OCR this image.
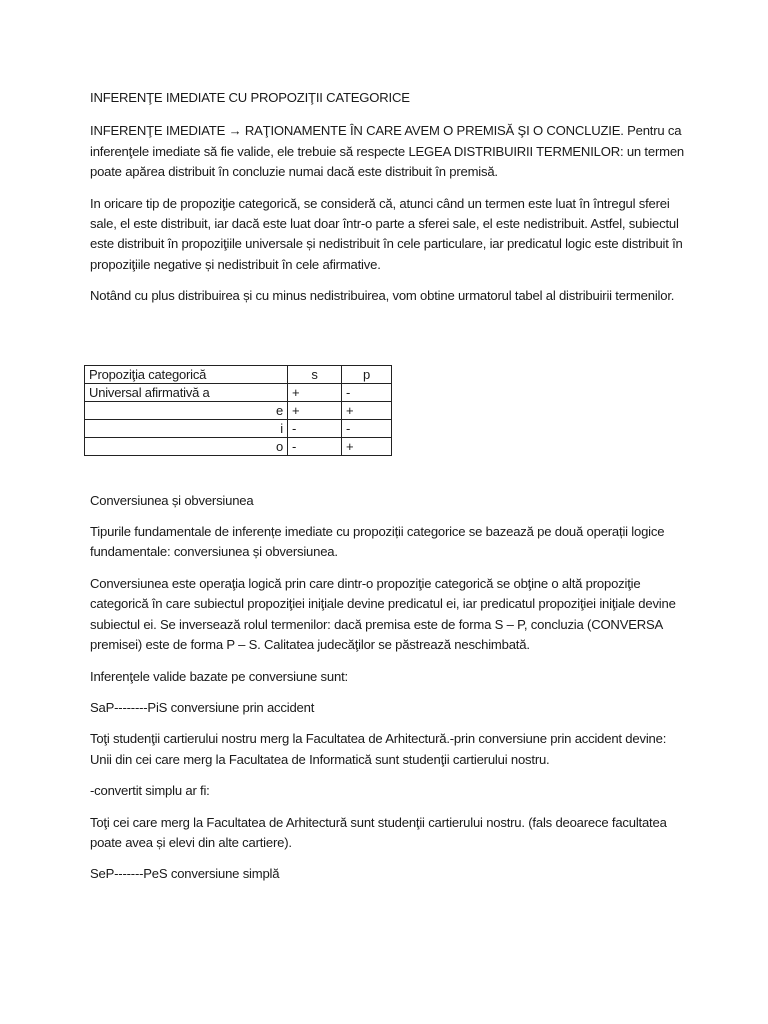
INFERENŢE IMEDIATE CU PROPOZIŢII CATEGORICE

INFERENŢE IMEDIATE → RAŢIONAMENTE ÎN CARE AVEM O PREMISĂ ŞI O CONCLUZIE. Pentru ca inferenţele imediate să fie valide, ele trebuie să respecte LEGEA DISTRIBUIRII TERMENILOR: un termen poate apărea distribuit în concluzie numai dacă este distribuit în premisă.

In oricare tip de propoziţie categorică, se consideră că, atunci când un termen este luat în întregul sferei sale, el este distribuit, iar dacă este luat doar într-o parte a sferei sale, el este nedistribuit. Astfel, subiectul este distribuit în propoziţiile universale și nedistribuit în cele particulare, iar predicatul logic este distribuit în propoziţiile negative și nedistribuit în cele afirmative.

Notând cu plus distribuirea și cu minus nedistribuirea, vom obtine urmatorul tabel al distribuirii termenilor.

Propoziţia categorică	s	p
Universal afirmativă a	+	-
e	+	+
i	-	-
o	-	+

Conversiunea și obversiunea

Tipurile fundamentale de inferențe imediate cu propoziții categorice se bazează pe două operații logice fundamentale: conversiunea și obversiunea.

Conversiunea este operaţia logică prin care dintr-o propoziţie categorică se obţine o altă propoziţie categorică în care subiectul propoziţiei iniţiale devine predicatul ei, iar predicatul propoziţiei iniţiale devine subiectul ei. Se inversează rolul termenilor: dacă premisa este de forma S – P, concluzia (CONVERSA premisei) este de forma P – S. Calitatea judecăţilor se păstrează neschimbată.

Inferenţele valide bazate pe conversiune sunt:

SaP--------PiS conversiune prin accident

Toţi studenţii cartierului nostru merg la Facultatea de Arhitectură.-prin conversiune prin accident devine: Unii din cei care merg la Facultatea de Informatică sunt studenţii cartierului nostru.

-convertit simplu ar fi:

Toţi cei care merg la Facultatea de Arhitectură sunt studenţii cartierului nostru. (fals deoarece facultatea poate avea și elevi din alte cartiere).

SeP-------PeS conversiune simplă
